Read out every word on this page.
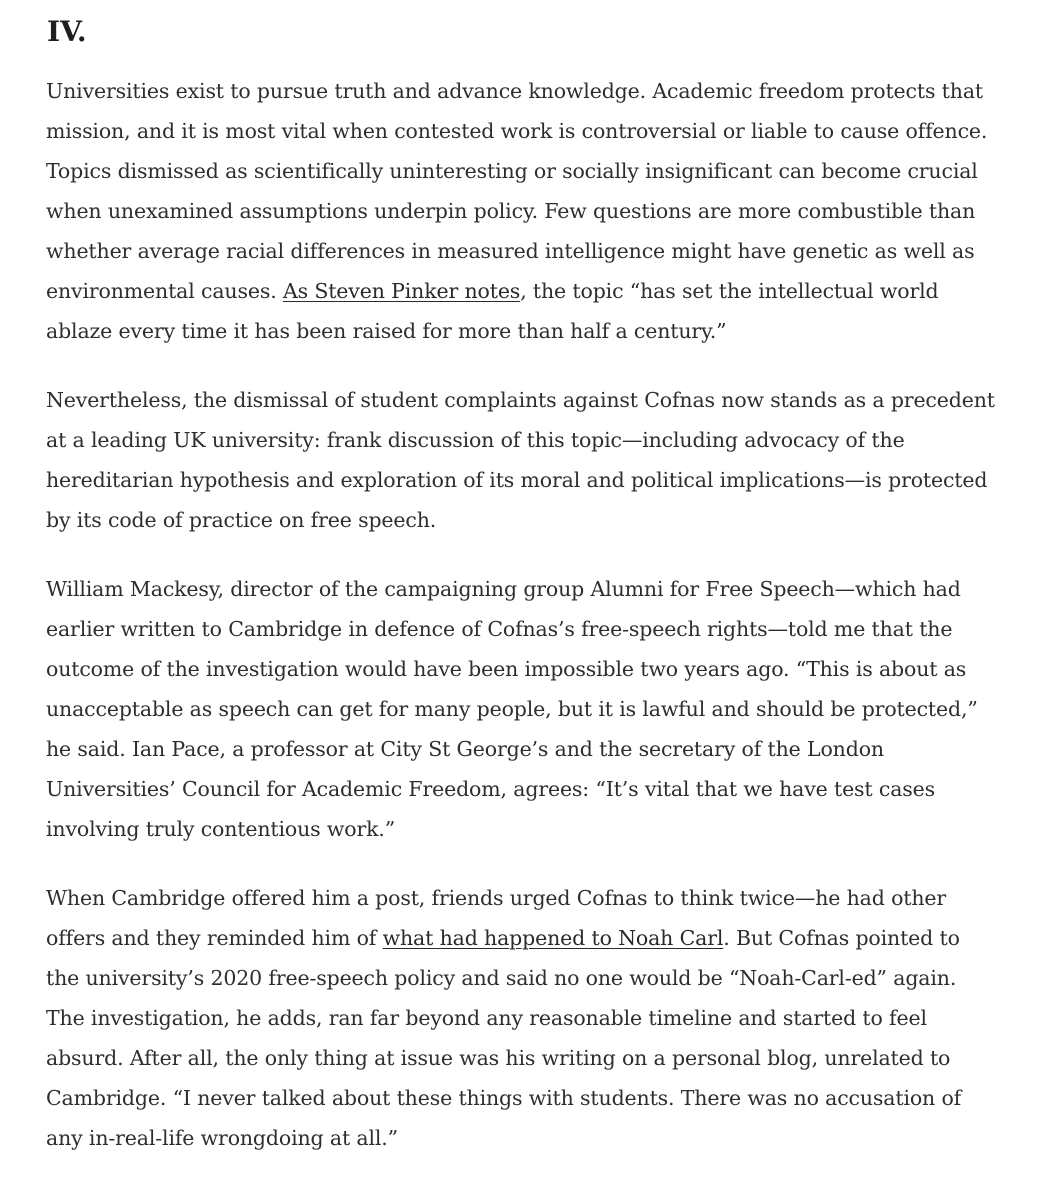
IV.

Universities exist to pursue truth and advance knowledge. Academic freedom protects that
mission, and it is most vital when contested work is controversial or liable to cause offence.
Topics dismissed as scientifically uninteresting or socially insignificant can become crucial
when unexamined assumptions underpin policy. Few questions are more combustible than
whether average racial differences in measured intelligence might have genetic as well as
environmental causes. As Steven Pinker notes, the topic “has set the intellectual world
ablaze every time it has been raised for more than half a century.”

Nevertheless, the dismissal of student complaints against Cofnas now stands as a precedent
at a leading UK university: frank discussion of this topic—including advocacy of the
hereditarian hypothesis and exploration of its moral and political implications—is protected
by its code of practice on free speech.

William Mackesy, director of the campaigning group Alumni for Free Speech—which had
earlier written to Cambridge in defence of Cofnas’s free-speech rights—told me that the
outcome of the investigation would have been impossible two years ago. “This is about as
unacceptable as speech can get for many people, but it is lawful and should be protected,”
he said. Ian Pace, a professor at City St George’s and the secretary of the London
Universities’ Council for Academic Freedom, agrees: “It’s vital that we have test cases
involving truly contentious work.”

When Cambridge offered him a post, friends urged Cofnas to think twice—he had other
offers and they reminded him of what had happened to Noah Carl. But Cofnas pointed to
the university’s 2020 free-speech policy and said no one would be “Noah-Carl-ed” again.
The investigation, he adds, ran far beyond any reasonable timeline and started to feel
absurd. After all, the only thing at issue was his writing on a personal blog, unrelated to
Cambridge. “I never talked about these things with students. There was no accusation of
any in-real-life wrongdoing at all.”
